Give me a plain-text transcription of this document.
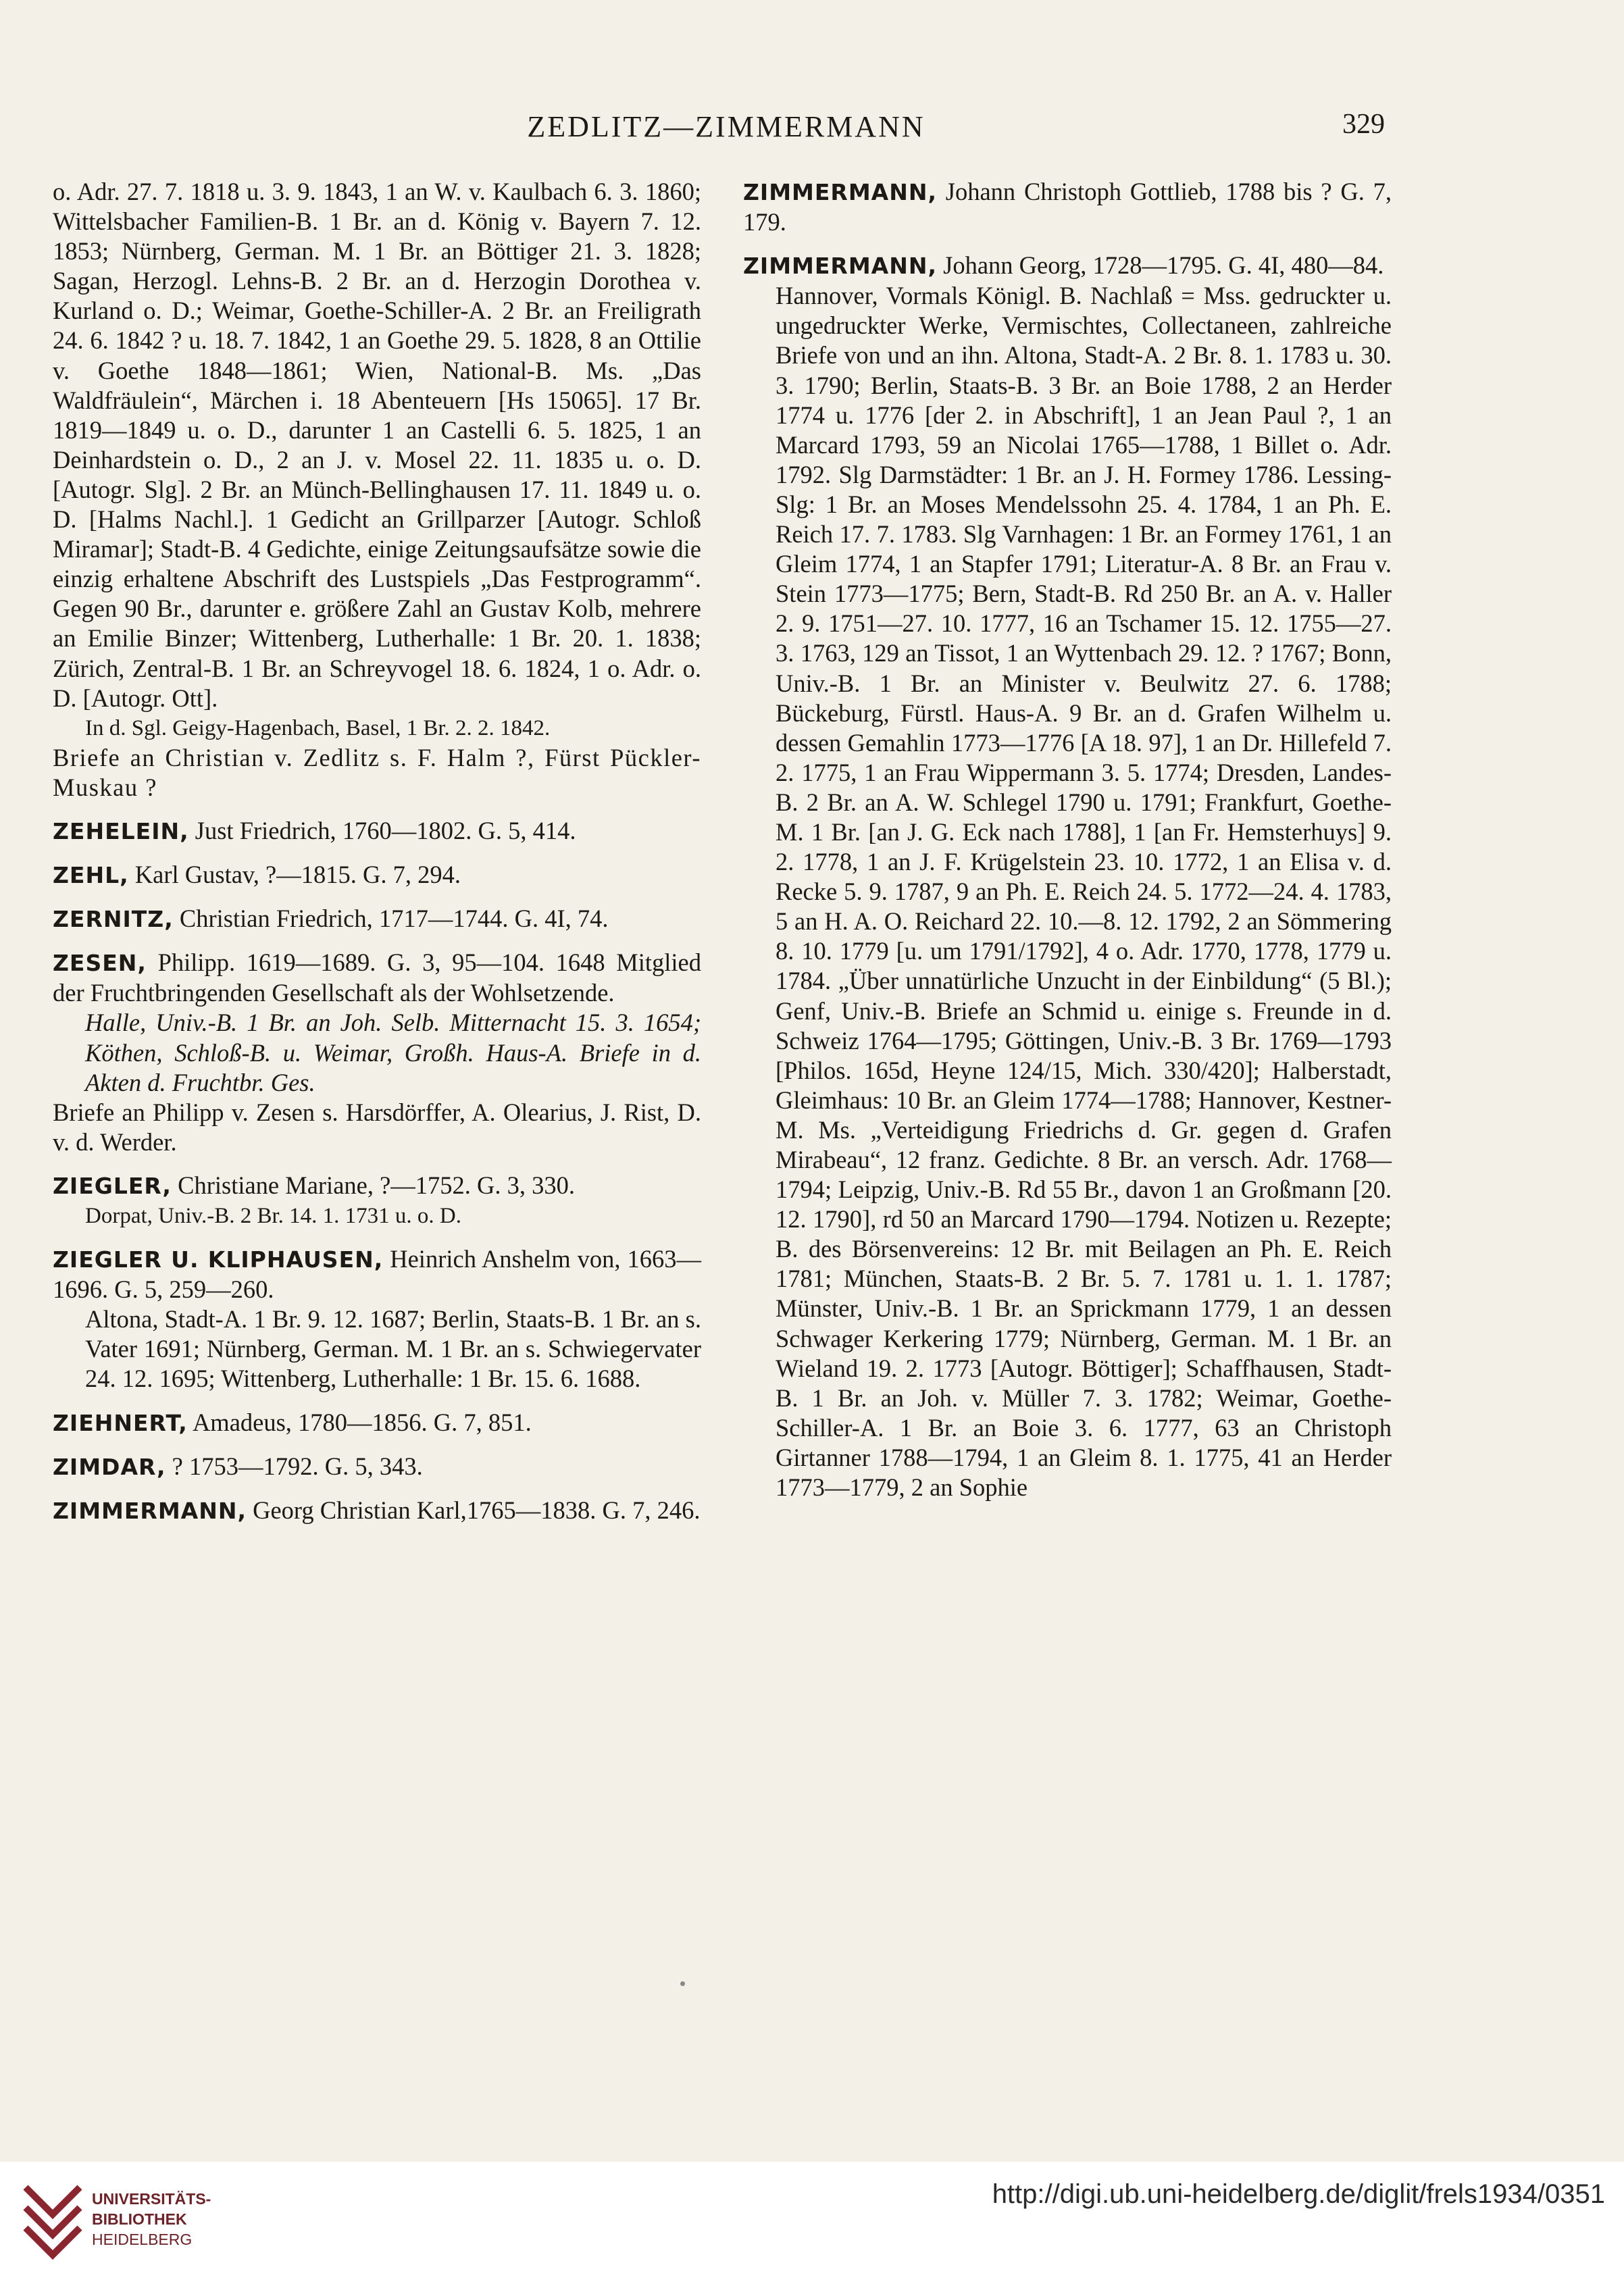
ZEDLITZ—ZIMMERMANN	329

o. Adr. 27. 7. 1818 u. 3. 9. 1843, 1 an W. v. Kaulbach 6. 3. 1860; Wittelsbacher Familien-B. 1 Br. an d. König v. Bayern 7. 12. 1853; Nürnberg, German. M. 1 Br. an Böttiger 21. 3. 1828; Sagan, Herzogl. Lehns-B. 2 Br. an d. Herzogin Dorothea v. Kurland o. D.; Weimar, Goethe-Schiller-A. 2 Br. an Freiligrath 24. 6. 1842 ? u. 18. 7. 1842, 1 an Goethe 29. 5. 1828, 8 an Ottilie v. Goethe 1848—1861; Wien, National-B. Ms. „Das Waldfräulein“, Märchen i. 18 Abenteuern [Hs 15065]. 17 Br. 1819—1849 u. o. D., darunter 1 an Castelli 6. 5. 1825, 1 an Deinhardstein o. D., 2 an J. v. Mosel 22. 11. 1835 u. o. D. [Autogr. Slg]. 2 Br. an Münch-Bellinghausen 17. 11. 1849 u. o. D. [Halms Nachl.]. 1 Gedicht an Grillparzer [Autogr. Schloß Miramar]; Stadt-B. 4 Gedichte, einige Zeitungsaufsätze sowie die einzig erhaltene Abschrift des Lustspiels „Das Festprogramm“. Gegen 90 Br., darunter e. größere Zahl an Gustav Kolb, mehrere an Emilie Binzer; Wittenberg, Lutherhalle: 1 Br. 20. 1. 1838; Zürich, Zentral-B. 1 Br. an Schreyvogel 18. 6. 1824, 1 o. Adr. o. D. [Autogr. Ott].

In d. Sgl. Geigy-Hagenbach, Basel, 1 Br. 2. 2. 1842.

Briefe an Christian v. Zedlitz s. F. Halm ?, Fürst Pückler-Muskau ?

ZEHELEIN, Just Friedrich, 1760—1802. G. 5, 414.

ZEHL, Karl Gustav, ?—1815. G. 7, 294.

ZERNITZ, Christian Friedrich, 1717—1744. G. 4I, 74.

ZESEN, Philipp. 1619—1689. G. 3, 95—104. 1648 Mitglied der Fruchtbringenden Gesellschaft als der Wohlsetzende.

Halle, Univ.-B. 1 Br. an Joh. Selb. Mitternacht 15. 3. 1654; Köthen, Schloß-B. u. Weimar, Großh. Haus-A. Briefe in d. Akten d. Fruchtbr. Ges.

Briefe an Philipp v. Zesen s. Harsdörffer, A. Olearius, J. Rist, D. v. d. Werder.

ZIEGLER, Christiane Mariane, ?—1752. G. 3, 330.

Dorpat, Univ.-B. 2 Br. 14. 1. 1731 u. o. D.

ZIEGLER U. KLIPHAUSEN, Heinrich Anshelm von, 1663—1696. G. 5, 259—260.

Altona, Stadt-A. 1 Br. 9. 12. 1687; Berlin, Staats-B. 1 Br. an s. Vater 1691; Nürnberg, German. M. 1 Br. an s. Schwiegervater 24. 12. 1695; Wittenberg, Lutherhalle: 1 Br. 15. 6. 1688.

ZIEHNERT, Amadeus, 1780—1856. G. 7, 851.

ZIMDAR, ? 1753—1792. G. 5, 343.

ZIMMERMANN, Georg Christian Karl,1765—1838. G. 7, 246.

ZIMMERMANN, Johann Christoph Gottlieb, 1788 bis ? G. 7, 179.

ZIMMERMANN, Johann Georg, 1728—1795. G. 4I, 480—84.

Hannover, Vormals Königl. B. Nachlaß = Mss. gedruckter u. ungedruckter Werke, Vermischtes, Collectaneen, zahlreiche Briefe von und an ihn. Altona, Stadt-A. 2 Br. 8. 1. 1783 u. 30. 3. 1790; Berlin, Staats-B. 3 Br. an Boie 1788, 2 an Herder 1774 u. 1776 [der 2. in Abschrift], 1 an Jean Paul ?, 1 an Marcard 1793, 59 an Nicolai 1765—1788, 1 Billet o. Adr. 1792. Slg Darmstädter: 1 Br. an J. H. Formey 1786. Lessing-Slg: 1 Br. an Moses Mendelssohn 25. 4. 1784, 1 an Ph. E. Reich 17. 7. 1783. Slg Varnhagen: 1 Br. an Formey 1761, 1 an Gleim 1774, 1 an Stapfer 1791; Literatur-A. 8 Br. an Frau v. Stein 1773—1775; Bern, Stadt-B. Rd 250 Br. an A. v. Haller 2. 9. 1751—27. 10. 1777, 16 an Tschamer 15. 12. 1755—27. 3. 1763, 129 an Tissot, 1 an Wyttenbach 29. 12. ? 1767; Bonn, Univ.-B. 1 Br. an Minister v. Beulwitz 27. 6. 1788; Bückeburg, Fürstl. Haus-A. 9 Br. an d. Grafen Wilhelm u. dessen Gemahlin 1773—1776 [A 18. 97], 1 an Dr. Hillefeld 7. 2. 1775, 1 an Frau Wippermann 3. 5. 1774; Dresden, Landes-B. 2 Br. an A. W. Schlegel 1790 u. 1791; Frankfurt, Goethe-M. 1 Br. [an J. G. Eck nach 1788], 1 [an Fr. Hemsterhuys] 9. 2. 1778, 1 an J. F. Krügelstein 23. 10. 1772, 1 an Elisa v. d. Recke 5. 9. 1787, 9 an Ph. E. Reich 24. 5. 1772—24. 4. 1783, 5 an H. A. O. Reichard 22. 10.—8. 12. 1792, 2 an Sömmering 8. 10. 1779 [u. um 1791/1792], 4 o. Adr. 1770, 1778, 1779 u. 1784. „Über unnatürliche Unzucht in der Einbildung“ (5 Bl.); Genf, Univ.-B. Briefe an Schmid u. einige s. Freunde in d. Schweiz 1764—1795; Göttingen, Univ.-B. 3 Br. 1769—1793 [Philos. 165d, Heyne 124/15, Mich. 330/420]; Halberstadt, Gleimhaus: 10 Br. an Gleim 1774—1788; Hannover, Kestner-M. Ms. „Verteidigung Friedrichs d. Gr. gegen d. Grafen Mirabeau“, 12 franz. Gedichte. 8 Br. an versch. Adr. 1768—1794; Leipzig, Univ.-B. Rd 55 Br., davon 1 an Großmann [20. 12. 1790], rd 50 an Marcard 1790—1794. Notizen u. Rezepte; B. des Börsenvereins: 12 Br. mit Beilagen an Ph. E. Reich 1781; München, Staats-B. 2 Br. 5. 7. 1781 u. 1. 1. 1787; Münster, Univ.-B. 1 Br. an Sprickmann 1779, 1 an dessen Schwager Kerkering 1779; Nürnberg, German. M. 1 Br. an Wieland 19. 2. 1773 [Autogr. Böttiger]; Schaffhausen, Stadt-B. 1 Br. an Joh. v. Müller 7. 3. 1782; Weimar, Goethe-Schiller-A. 1 Br. an Boie 3. 6. 1777, 63 an Christoph Girtanner 1788—1794, 1 an Gleim 8. 1. 1775, 41 an Herder 1773—1779, 2 an Sophie

UNIVERSITÄTS-
BIBLIOTHEK
HEIDELBERG
http://digi.ub.uni-heidelberg.de/diglit/frels1934/0351
